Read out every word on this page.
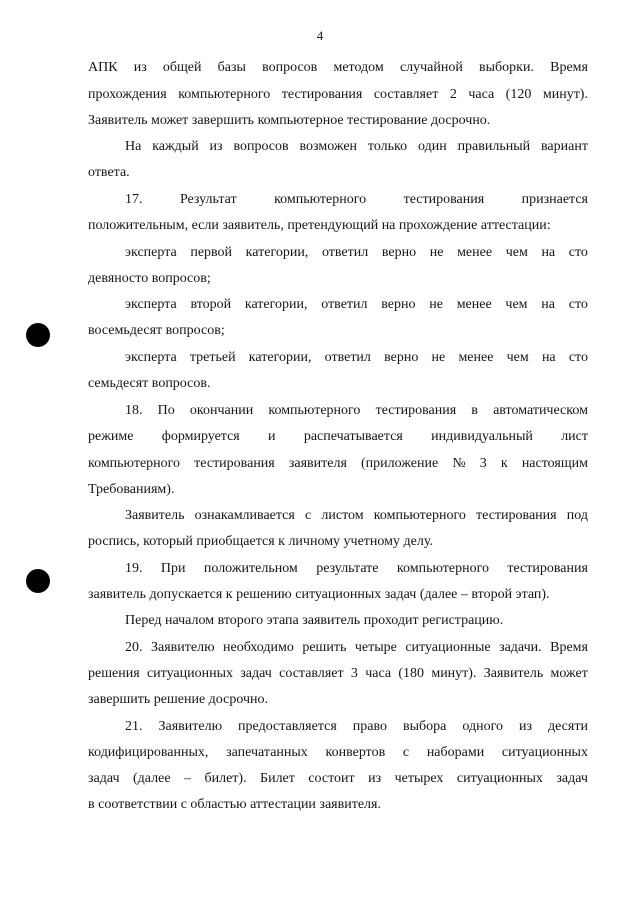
4
АПК из общей базы вопросов методом случайной выборки. Время
прохождения компьютерного тестирования составляет 2 часа (120 минут).
Заявитель может завершить компьютерное тестирование досрочно.
На каждый из вопросов возможен только один правильный вариант
ответа.
17.	Результат	компьютерного	тестирования	признается
положительным, если заявитель, претендующий на прохождение аттестации:
эксперта первой категории, ответил верно не менее чем на сто
девяносто вопросов;
эксперта второй категории, ответил верно не менее чем на сто
восемьдесят вопросов;
эксперта третьей категории, ответил верно не менее чем на сто
семьдесят вопросов.
18. По окончании компьютерного тестирования в автоматическом
режиме формируется и распечатывается индивидуальный лист
компьютерного тестирования заявителя (приложение № 3 к настоящим
Требованиям).
Заявитель ознакамливается с листом компьютерного тестирования под
роспись, который приобщается к личному учетному делу.
19. При положительном результате компьютерного тестирования
заявитель допускается к решению ситуационных задач (далее – второй этап).
Перед началом второго этапа заявитель проходит регистрацию.
20. Заявителю необходимо решить четыре ситуационные задачи. Время
решения ситуационных задач составляет 3 часа (180 минут). Заявитель может
завершить решение досрочно.
21. Заявителю предоставляется право выбора одного из десяти
кодифицированных, запечатанных конвертов с наборами ситуационных
задач (далее – билет). Билет состоит из четырех ситуационных задач
в соответствии с областью аттестации заявителя.
